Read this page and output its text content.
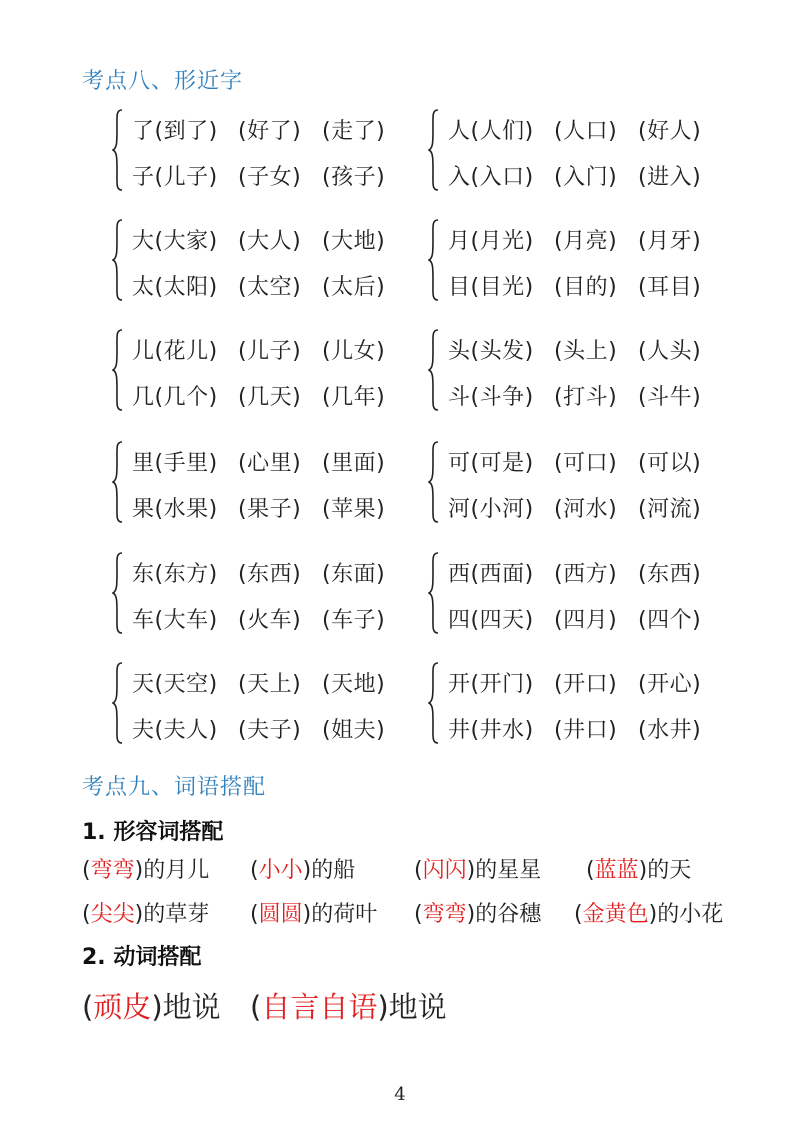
考点八、形近字
了(到了) (好了) (走了)
子(儿子) (子女) (孩子)
人(人们) (人口) (好人)
入(入口) (入门) (进入)
大(大家) (大人) (大地)
太(太阳) (太空) (太后)
月(月光) (月亮) (月牙)
目(目光) (目的) (耳目)
儿(花儿) (儿子) (儿女)
几(几个) (几天) (几年)
头(头发) (头上) (人头)
斗(斗争) (打斗) (斗牛)
里(手里) (心里) (里面)
果(水果) (果子) (苹果)
可(可是) (可口) (可以)
河(小河) (河水) (河流)
东(东方) (东西) (东面)
车(大车) (火车) (车子)
西(西面) (西方) (东西)
四(四天) (四月) (四个)
天(天空) (天上) (天地)
夫(夫人) (夫子) (姐夫)
开(开门) (开口) (开心)
井(井水) (井口) (水井)
考点九、词语搭配
1. 形容词搭配
(弯弯)的月儿 (小小)的船	(闪闪)的星星 (蓝蓝)的天
(尖尖)的草芽 (圆圆)的荷叶 (弯弯)的谷穗 (金黄色)的小花
2. 动词搭配
(顽皮)地说 (自言自语)地说
4
